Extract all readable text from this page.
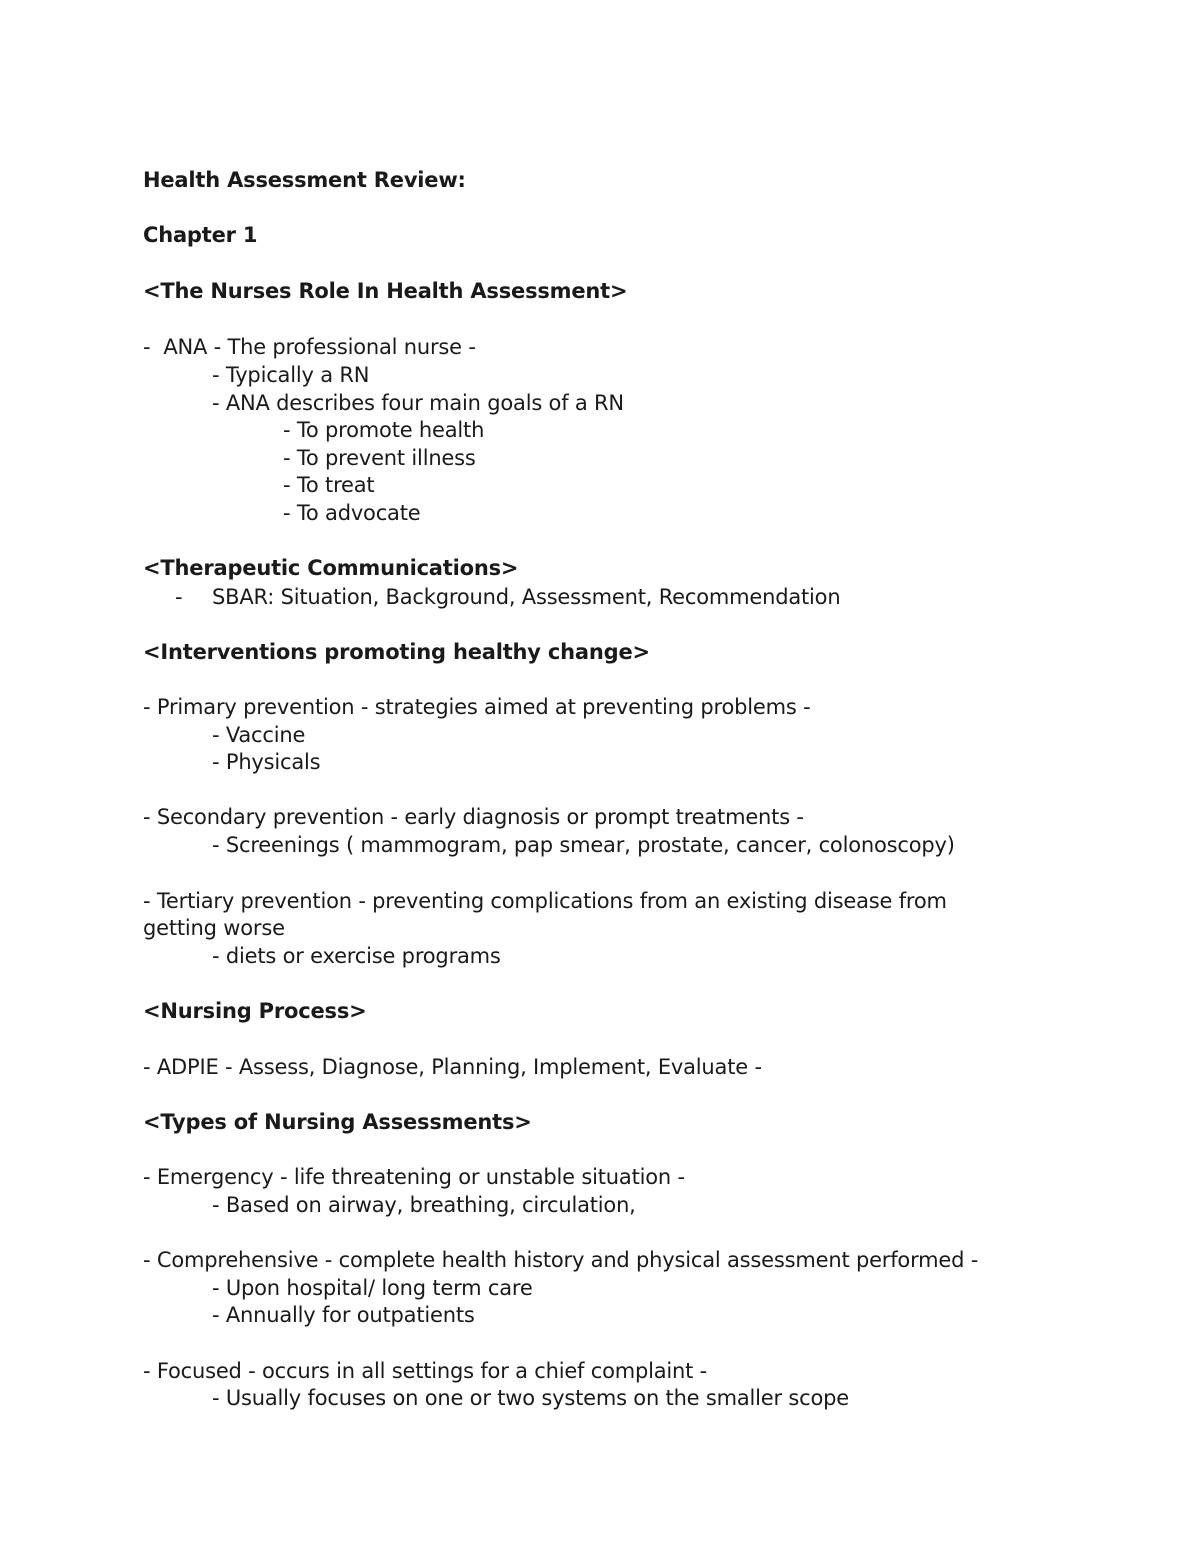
Health Assessment Review:
Chapter 1
<The Nurses Role In Health Assessment>
-  ANA - The professional nurse -
- Typically a RN
- ANA describes four main goals of a RN
- To promote health
- To prevent illness
- To treat
- To advocate
<Therapeutic Communications>
- SBAR: Situation, Background, Assessment, Recommendation
<Interventions promoting healthy change>
- Primary prevention - strategies aimed at preventing problems -
- Vaccine
- Physicals
- Secondary prevention - early diagnosis or prompt treatments -
- Screenings ( mammogram, pap smear, prostate, cancer, colonoscopy)
- Tertiary prevention - preventing complications from an existing disease from
getting worse
- diets or exercise programs
<Nursing Process>
- ADPIE - Assess, Diagnose, Planning, Implement, Evaluate -
<Types of Nursing Assessments>
- Emergency - life threatening or unstable situation -
- Based on airway, breathing, circulation,
- Comprehensive - complete health history and physical assessment performed -
- Upon hospital/ long term care
- Annually for outpatients
- Focused - occurs in all settings for a chief complaint -
- Usually focuses on one or two systems on the smaller scope
